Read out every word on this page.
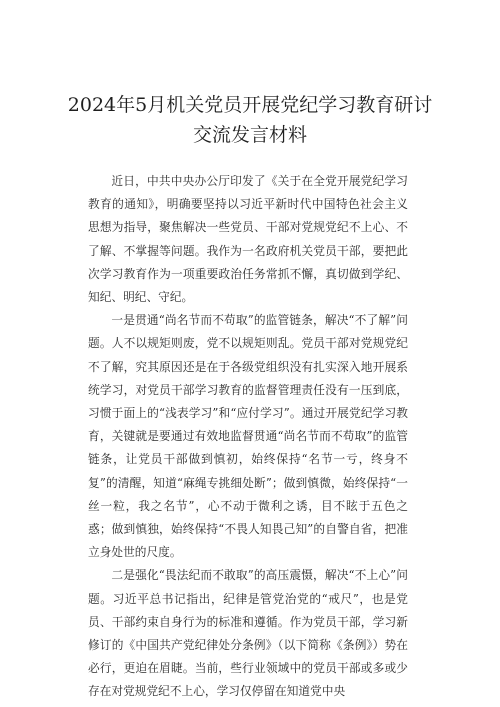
2024年5月机关党员开展党纪学习教育研讨交流发言材料

近日，中共中央办公厅印发了《关于在全党开展党纪学习教育的通知》，明确要坚持以习近平新时代中国特色社会主义思想为指导，聚焦解决一些党员、干部对党规党纪不上心、不了解、不掌握等问题。我作为一名政府机关党员干部，要把此次学习教育作为一项重要政治任务常抓不懈，真切做到学纪、知纪、明纪、守纪。

一是贯通“尚名节而不苟取”的监管链条，解决“不了解”问题。人不以规矩则废，党不以规矩则乱。党员干部对党规党纪不了解，究其原因还是在于各级党组织没有扎实深入地开展系统学习，对党员干部学习教育的监督管理责任没有一压到底，习惯于面上的“浅表学习”和“应付学习”。通过开展党纪学习教育，关键就是要通过有效地监督贯通“尚名节而不苟取”的监管链条，让党员干部做到慎初，始终保持“名节一亏，终身不复”的清醒，知道“麻绳专挑细处断”；做到慎微，始终保持“一丝一粒，我之名节”，心不动于微利之诱，目不眩于五色之惑；做到慎独，始终保持“不畏人知畏己知”的自警自省，把准立身处世的尺度。

二是强化“畏法纪而不敢取”的高压震慑，解决“不上心”问题。习近平总书记指出，纪律是管党治党的“戒尺”，也是党员、干部约束自身行为的标准和遵循。作为党员干部，学习新修订的《中国共产党纪律处分条例》（以下简称《条例》）势在必行，更迫在眉睫。当前，些行业领域中的党员干部或多或少存在对党规党纪不上心，学习仅停留在知道党中央
